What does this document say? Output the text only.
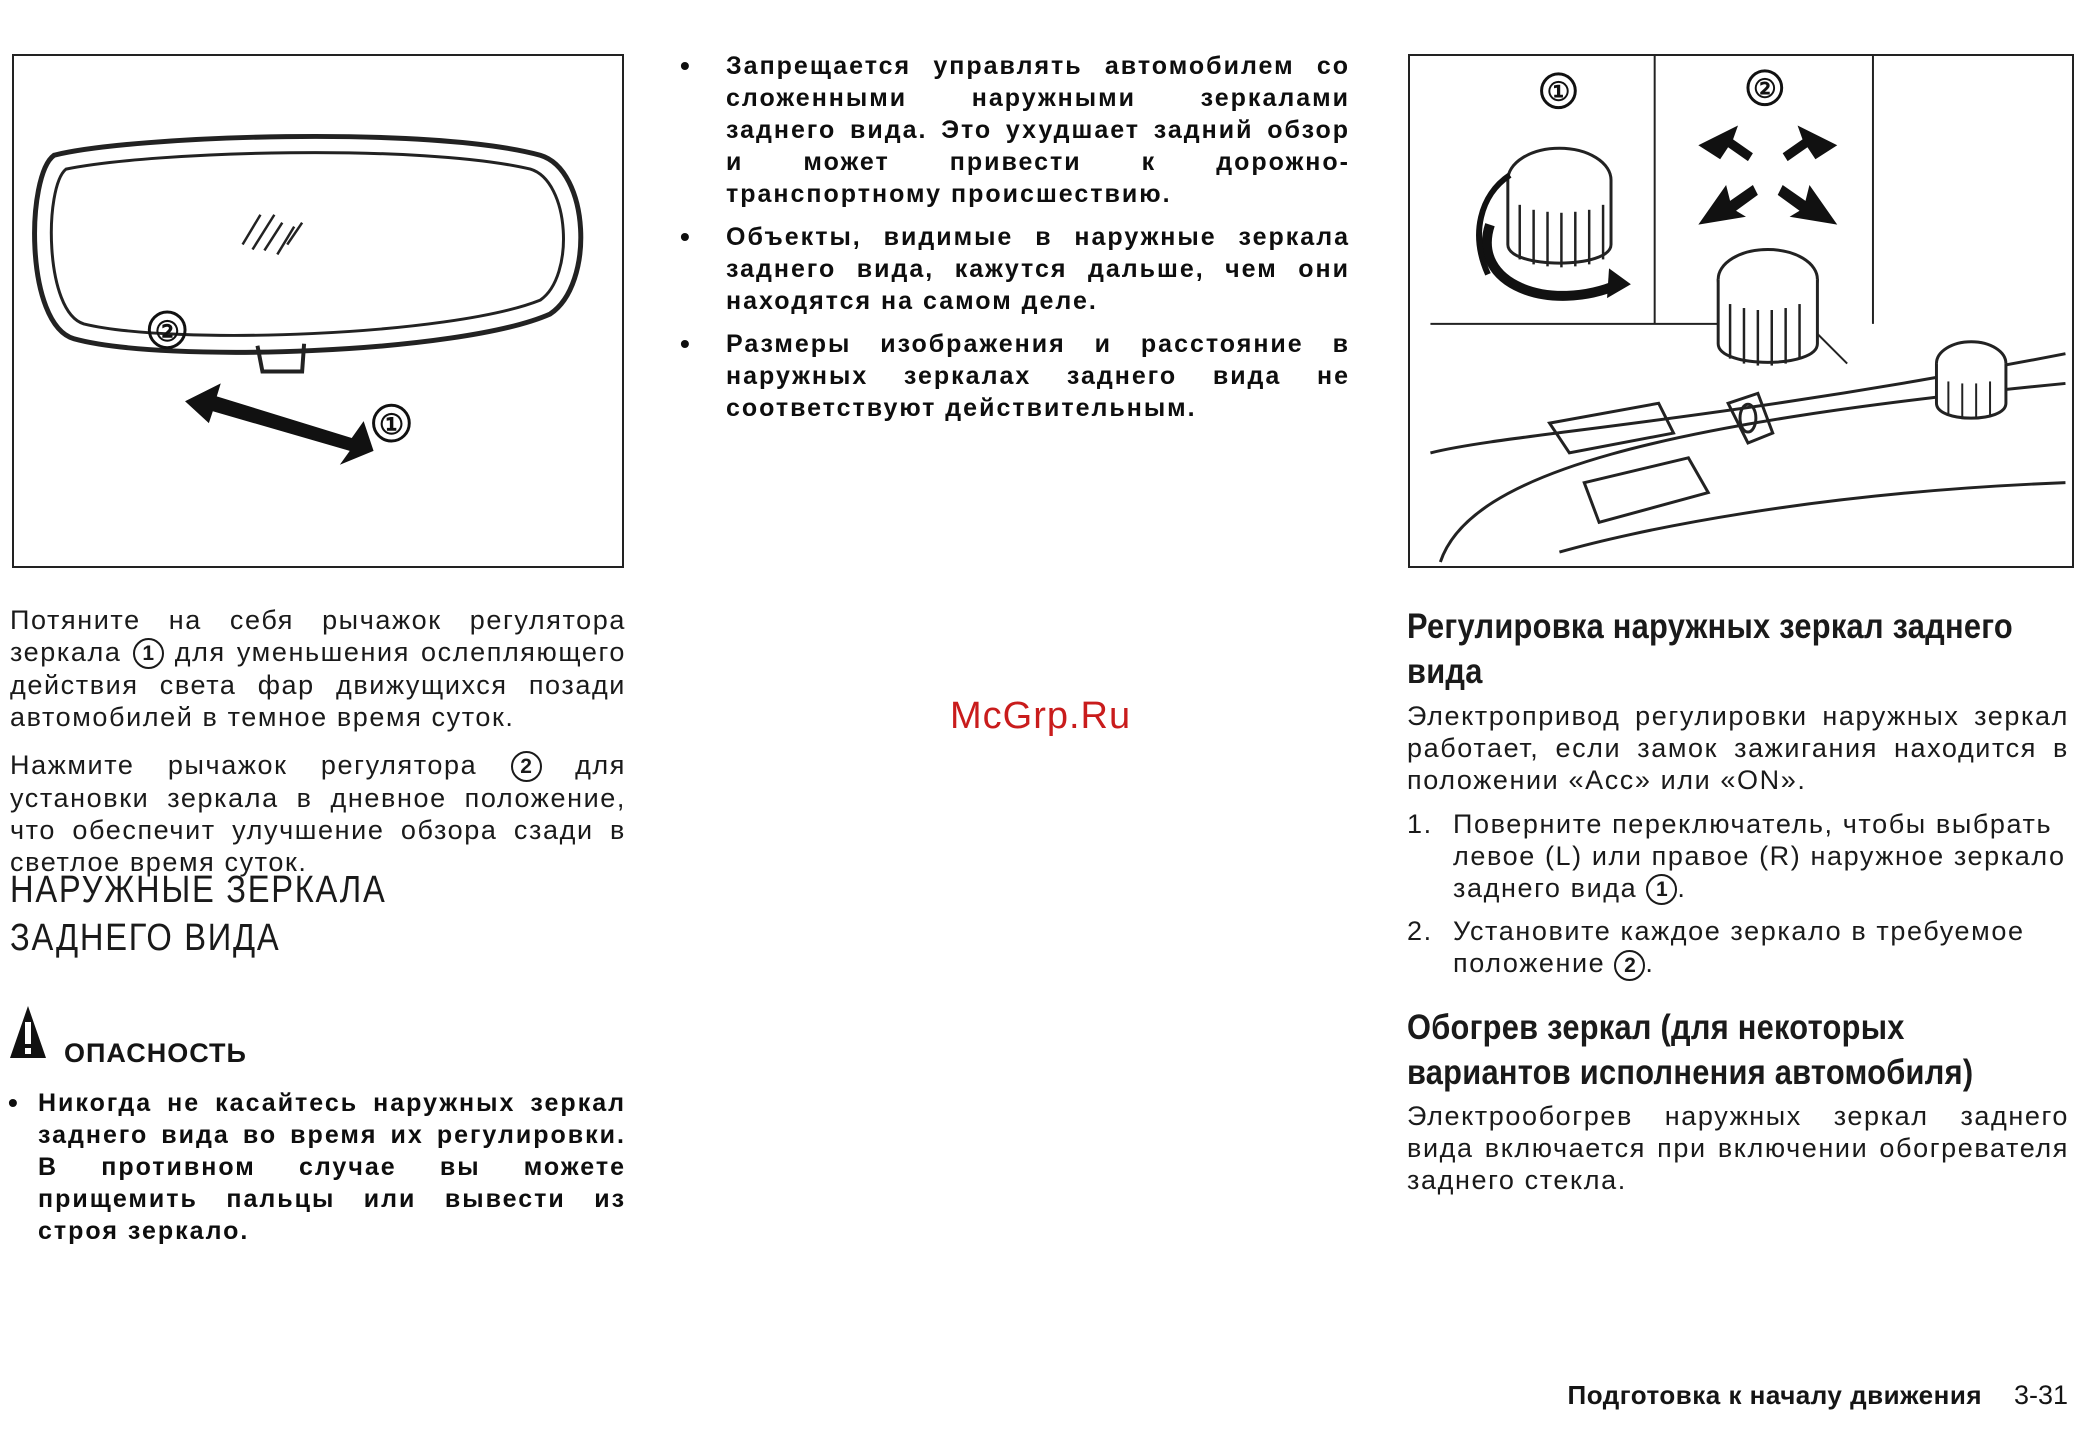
②
①
Потяните на себя рычажок регулятора зеркала 1 для уменьшения ослепляющего действия света фар движущихся позади автомобилей в темное время суток.
Нажмите рычажок регулятора 2 для установки зеркала в дневное положение, что обеспечит улучшение обзора сзади в светлое время суток.
НАРУЖНЫЕ ЗЕРКАЛА ЗАДНЕГО ВИДА
ОПАСНОСТЬ
• Никогда не касайтесь наружных зеркал заднего вида во время их регулировки. В противном случае вы можете прищемить пальцы или вывести из строя зеркало.
• Запрещается управлять автомобилем со сложенными наружными зеркалами заднего вида. Это ухудшает задний обзор и может привести к дорожно-транспортному происшествию.
• Объекты, видимые в наружные зеркала заднего вида, кажутся дальше, чем они находятся на самом деле.
• Размеры изображения и расстояние в наружных зеркалах заднего вида не соответствуют действительным.
McGrp.Ru
①	②
Регулировка наружных зеркал заднего вида
Электропривод регулировки наружных зеркал работает, если замок зажигания находится в положении «Acc» или «ON».
1. Поверните переключатель, чтобы выбрать левое (L) или правое (R) наружное зеркало заднего вида 1 .
2. Установите каждое зеркало в требуемое положение 2 .
Обогрев зеркал (для некоторых вариантов исполнения автомобиля)
Электрообогрев наружных зеркал заднего вида включается при включении обогревателя заднего стекла.
Подготовка к началу движения 3-31
